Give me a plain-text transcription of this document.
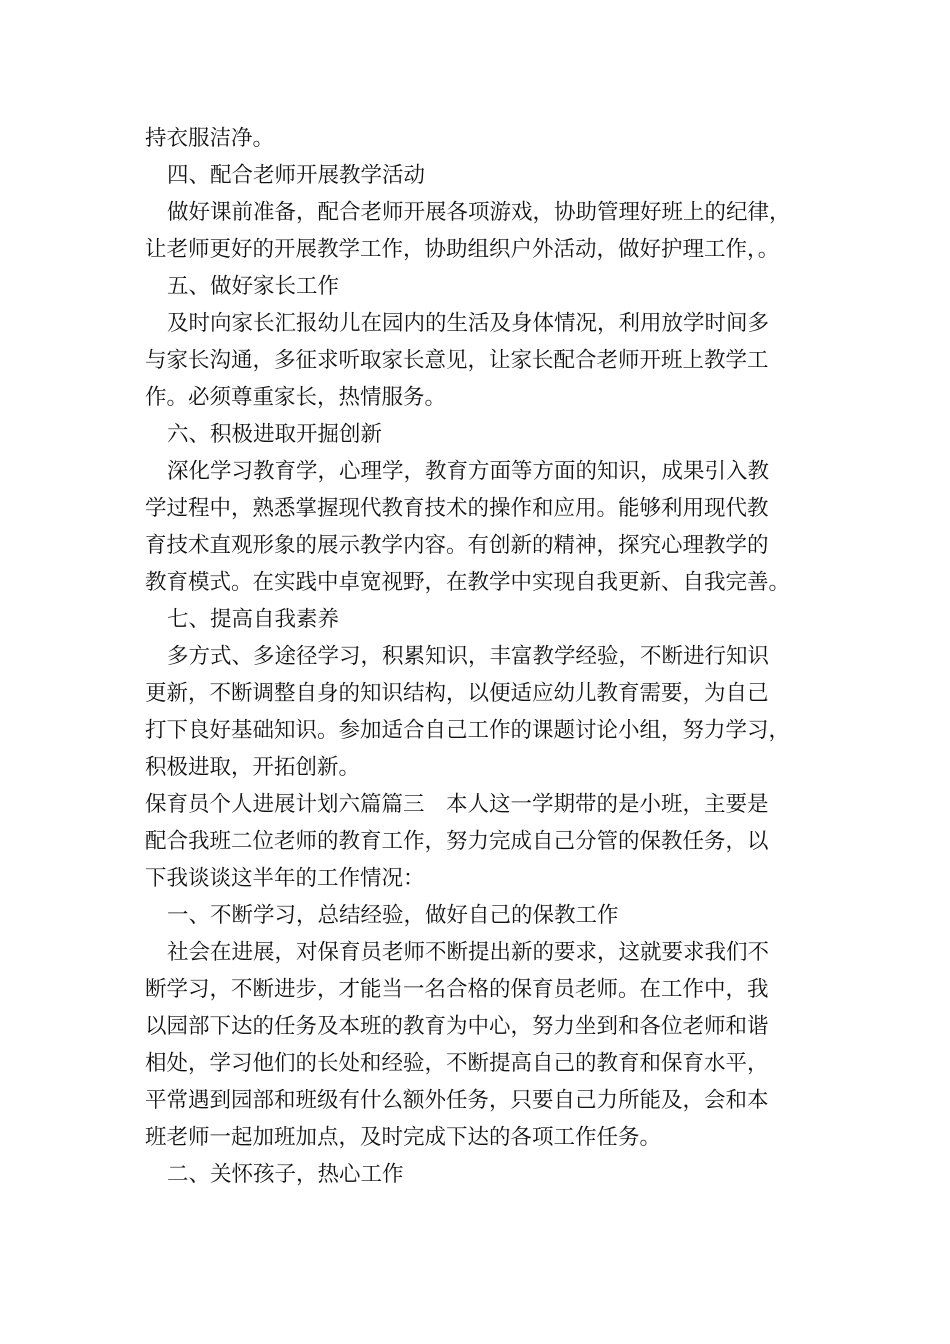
持衣服洁净。
四、配合老师开展教学活动
做好课前准备，配合老师开展各项游戏，协助管理好班上的纪律，
让老师更好的开展教学工作，协助组织户外活动，做好护理工作，。
五、做好家长工作
及时向家长汇报幼儿在园内的生活及身体情况，利用放学时间多
与家长沟通，多征求听取家长意见，让家长配合老师开班上教学工
作。必须尊重家长，热情服务。
六、积极进取开掘创新
深化学习教育学，心理学，教育方面等方面的知识，成果引入教
学过程中，熟悉掌握现代教育技术的操作和应用。能够利用现代教
育技术直观形象的展示教学内容。有创新的精神，探究心理教学的
教育模式。在实践中卓宽视野，在教学中实现自我更新、自我完善。
七、提高自我素养
多方式、多途径学习，积累知识，丰富教学经验，不断进行知识
更新，不断调整自身的知识结构，以便适应幼儿教育需要，为自己
打下良好基础知识。参加适合自己工作的课题讨论小组，努力学习，
积极进取，开拓创新。
保育员个人进展计划六篇篇三　本人这一学期带的是小班，主要是
配合我班二位老师的教育工作，努力完成自己分管的保教任务，以
下我谈谈这半年的工作情况：
一、不断学习，总结经验，做好自己的保教工作
社会在进展，对保育员老师不断提出新的要求，这就要求我们不
断学习，不断进步，才能当一名合格的保育员老师。在工作中，我
以园部下达的任务及本班的教育为中心，努力坐到和各位老师和谐
相处，学习他们的长处和经验，不断提高自己的教育和保育水平，
平常遇到园部和班级有什么额外任务，只要自己力所能及，会和本
班老师一起加班加点，及时完成下达的各项工作任务。
二、关怀孩子，热心工作
